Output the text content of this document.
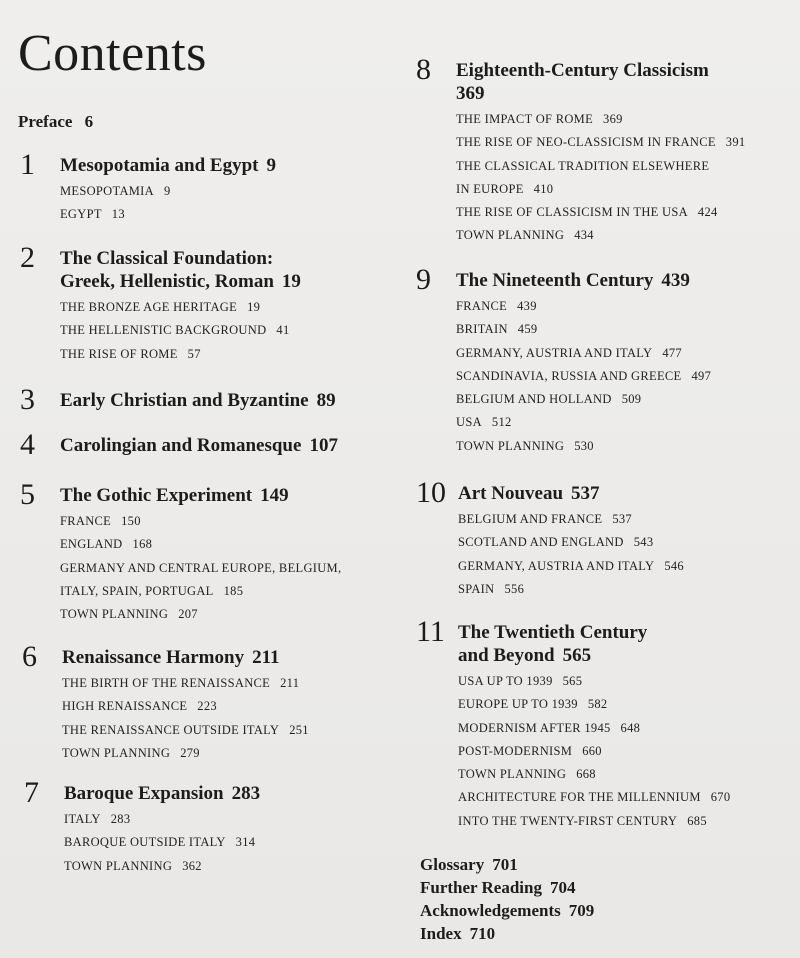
Contents
Preface 6
1 Mesopotamia and Egypt 9
MESOPOTAMIA 9
EGYPT 13
2 The Classical Foundation:
Greek, Hellenistic, Roman 19
THE BRONZE AGE HERITAGE 19
THE HELLENISTIC BACKGROUND 41
THE RISE OF ROME 57
3 Early Christian and Byzantine 89
4 Carolingian and Romanesque 107
5 The Gothic Experiment 149
FRANCE 150
ENGLAND 168
GERMANY AND CENTRAL EUROPE, BELGIUM,
ITALY, SPAIN, PORTUGAL 185
TOWN PLANNING 207
6 Renaissance Harmony 211
THE BIRTH OF THE RENAISSANCE 211
HIGH RENAISSANCE 223
THE RENAISSANCE OUTSIDE ITALY 251
TOWN PLANNING 279
7 Baroque Expansion 283
ITALY 283
BAROQUE OUTSIDE ITALY 314
TOWN PLANNING 362
8 Eighteenth-Century Classicism
369
THE IMPACT OF ROME 369
THE RISE OF NEO-CLASSICISM IN FRANCE 391
THE CLASSICAL TRADITION ELSEWHERE
IN EUROPE 410
THE RISE OF CLASSICISM IN THE USA 424
TOWN PLANNING 434
9 The Nineteenth Century 439
FRANCE 439
BRITAIN 459
GERMANY, AUSTRIA AND ITALY 477
SCANDINAVIA, RUSSIA AND GREECE 497
BELGIUM AND HOLLAND 509
USA 512
TOWN PLANNING 530
10 Art Nouveau 537
BELGIUM AND FRANCE 537
SCOTLAND AND ENGLAND 543
GERMANY, AUSTRIA AND ITALY 546
SPAIN 556
11 The Twentieth Century
and Beyond 565
USA UP TO 1939 565
EUROPE UP TO 1939 582
MODERNISM AFTER 1945 648
POST-MODERNISM 660
TOWN PLANNING 668
ARCHITECTURE FOR THE MILLENNIUM 670
INTO THE TWENTY-FIRST CENTURY 685
Glossary 701
Further Reading 704
Acknowledgements 709
Index 710
